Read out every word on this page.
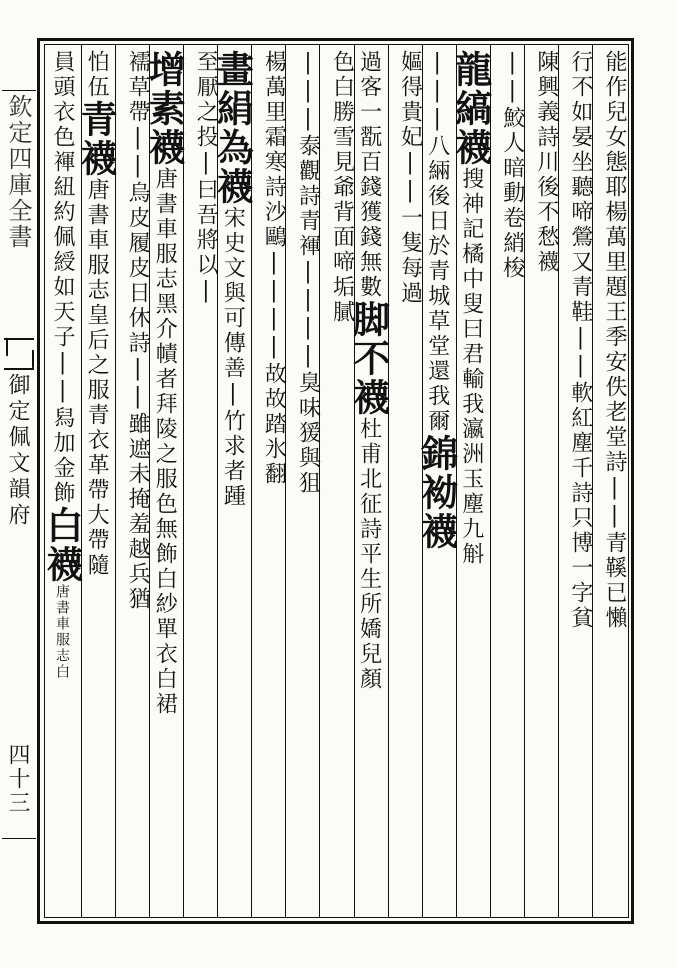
欽定四庫全書
御定佩文韻府
四十三
能作兒女態耶楊萬里題王季安佚老堂詩||青鞵已懶
行不如晏坐聽啼鶯又青鞋||軟紅塵千詩只博一字貧
陳興義詩川後不愁襪
||鮫人暗動卷綃梭
龍縞襪搜神記橘中叟曰君輸我瀛洲玉塵九斛
|||八緉後日於青城草堂還我爾錦袎襪
嫗得貴妃||一隻每過
過客一翫百錢獲錢無數脚不襪杜甫北征詩平生所嬌兒顏
色白勝雪見爺背面啼垢膩
|||泰觀詩青褌||||臭味猨與狙
楊萬里霜寒詩沙鷗||||故故踏氷翻
畫絹為襪宋史文與可傳善|竹求者踵
至厭之投|曰吾將以|
增素襪唐書車服志黑介幘者拜陵之服色無飾白紗單衣白裙
襦草帶||烏皮履皮日休詩||雖遮未掩羞越兵猶
怕伍青襪唐書車服志皇后之服青衣革帶大帶隨
員頭衣色褌紐約佩綬如天子||舄加金飾白襪唐書車服志白
